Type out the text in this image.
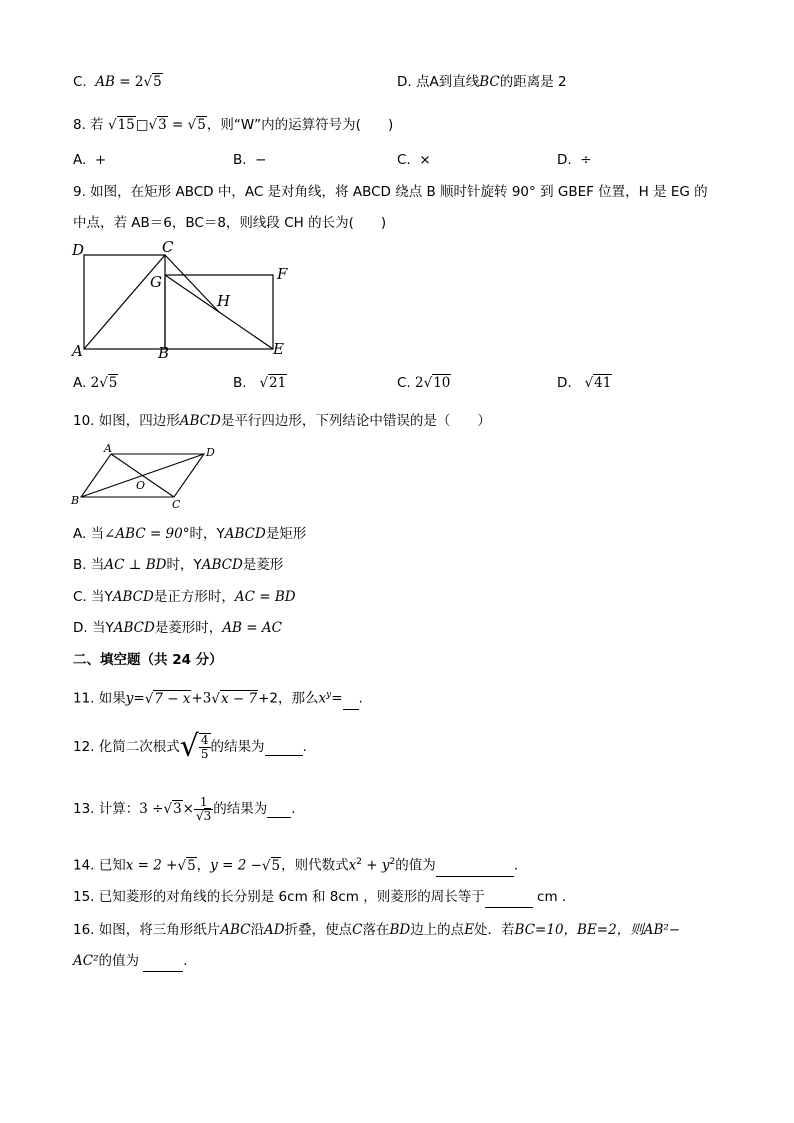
C. AB = 2√5	D. 点A到直线BC的距离是 2
8. 若 √15□√3 = √5，则“W”内的运算符号为(　　)
A. +	B. −	C. ×	D. ÷
9. 如图，在矩形 ABCD 中，AC 是对角线，将 ABCD 绕点 B 顺时针旋转 90° 到 GBEF 位置，H 是 EG 的
中点，若 AB＝6，BC＝8，则线段 CH 的长为(　　)
D	C
G	F
H
A	B	E
A. 2√5	B. √21	C. 2√10	D. √41
10. 如图，四边形ABCD是平行四边形，下列结论中错误的是（　　）
A	D
B	C
O
A. 当∠ABC = 90°时，YABCD是矩形
B. 当AC ⊥ BD时，YABCD是菱形
C. 当YABCD是正方形时，AC = BD
D. 当YABCD是菱形时，AB = AC
二、填空题（共 24 分）
11. 如果y=√7 − x+3√x − 7+2，那么$x^y=$ .
12. 化简二次根式√ $\frac{4}{5}$ 的结果为	.
13. 计算：$3 \div√3\times \frac{1}{√3}$ 的结果为 .
14. 已知x = 2 +√5，y = 2 −√5，则代数式$x^2 + y^2$的值为	.
15. 已知菱形的对角线的长分别是 6cm 和 8cm ，则菱形的周长等于	cm .
16. 如图，将三角形纸片ABC沿AD折叠，使点C落在BD边上的点E处．若BC=10，BE=2，则AB²−
AC²的值为	.
